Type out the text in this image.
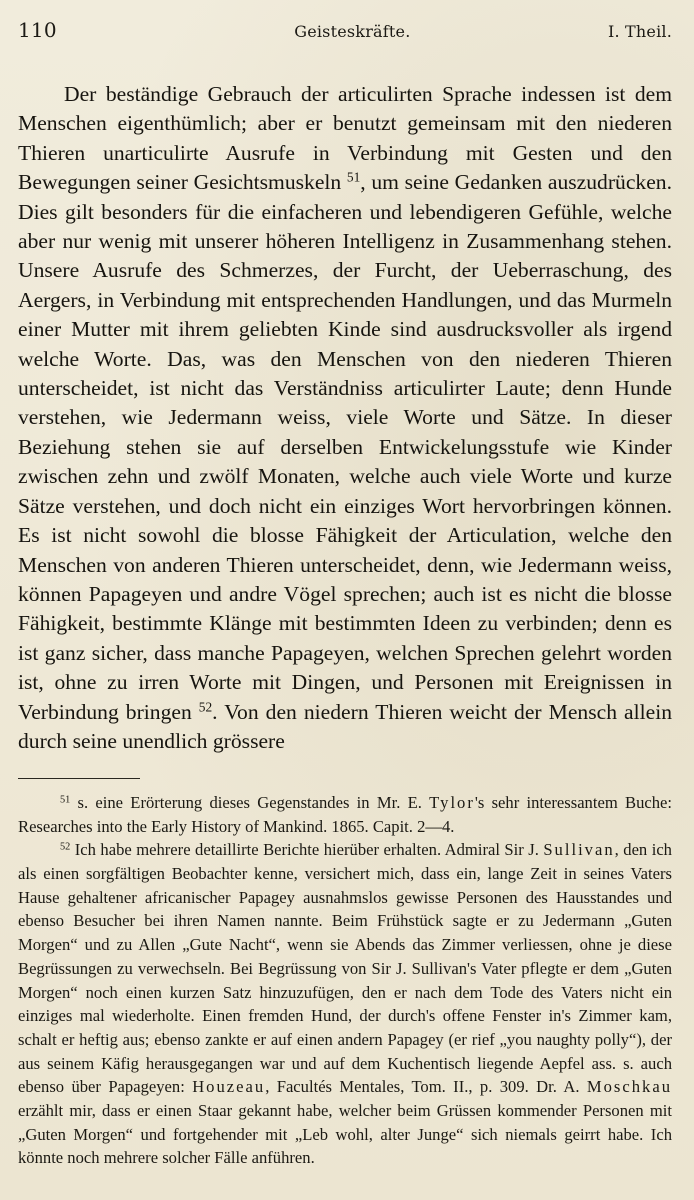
110	Geisteskräfte.	I. Theil.

Der beständige Gebrauch der articulirten Sprache indessen ist dem Menschen eigenthümlich; aber er benutzt gemeinsam mit den niederen Thieren unarticulirte Ausrufe in Verbindung mit Gesten und den Bewegungen seiner Gesichtsmuskeln $^{51}$, um seine Gedanken auszudrücken. Dies gilt besonders für die einfacheren und lebendigeren Gefühle, welche aber nur wenig mit unserer höheren Intelligenz in Zusammenhang stehen. Unsere Ausrufe des Schmerzes, der Furcht, der Ueberraschung, des Aergers, in Verbindung mit entsprechenden Handlungen, und das Murmeln einer Mutter mit ihrem geliebten Kinde sind ausdrucksvoller als irgend welche Worte. Das, was den Menschen von den niederen Thieren unterscheidet, ist nicht das Verständniss articulirter Laute; denn Hunde verstehen, wie Jedermann weiss, viele Worte und Sätze. In dieser Beziehung stehen sie auf derselben Entwickelungsstufe wie Kinder zwischen zehn und zwölf Monaten, welche auch viele Worte und kurze Sätze verstehen, und doch nicht ein einziges Wort hervorbringen können. Es ist nicht sowohl die blosse Fähigkeit der Articulation, welche den Menschen von anderen Thieren unterscheidet, denn, wie Jedermann weiss, können Papageyen und andre Vögel sprechen; auch ist es nicht die blosse Fähigkeit, bestimmte Klänge mit bestimmten Ideen zu verbinden; denn es ist ganz sicher, dass manche Papageyen, welchen Sprechen gelehrt worden ist, ohne zu irren Worte mit Dingen, und Personen mit Ereignissen in Verbindung bringen $^{52}$. Von den niedern Thieren weicht der Mensch allein durch seine unendlich grössere

$^{51}$ s. eine Erörterung dieses Gegenstandes in Mr. E. Tylor's sehr interessantem Buche: Researches into the Early History of Mankind. 1865. Capit. 2—4.

$^{52}$ Ich habe mehrere detaillirte Berichte hierüber erhalten. Admiral Sir J. Sullivan, den ich als einen sorgfältigen Beobachter kenne, versichert mich, dass ein, lange Zeit in seines Vaters Hause gehaltener africanischer Papagey ausnahmslos gewisse Personen des Hausstandes und ebenso Besucher bei ihren Namen nannte. Beim Frühstück sagte er zu Jedermann „Guten Morgen“ und zu Allen „Gute Nacht“, wenn sie Abends das Zimmer verliessen, ohne je diese Begrüssungen zu verwechseln. Bei Begrüssung von Sir J. Sullivan's Vater pflegte er dem „Guten Morgen“ noch einen kurzen Satz hinzuzufügen, den er nach dem Tode des Vaters nicht ein einziges mal wiederholte. Einen fremden Hund, der durch's offene Fenster in's Zimmer kam, schalt er heftig aus; ebenso zankte er auf einen andern Papagey (er rief „you naughty polly“), der aus seinem Käfig herausgegangen war und auf dem Kuchentisch liegende Aepfel ass. s. auch ebenso über Papageyen: Houzeau, Facultés Mentales, Tom. II., p. 309. Dr. A. Moschkau erzählt mir, dass er einen Staar gekannt habe, welcher beim Grüssen kommender Personen mit „Guten Morgen“ und fortgehender mit „Leb wohl, alter Junge“ sich niemals geirrt habe. Ich könnte noch mehrere solcher Fälle anführen.
